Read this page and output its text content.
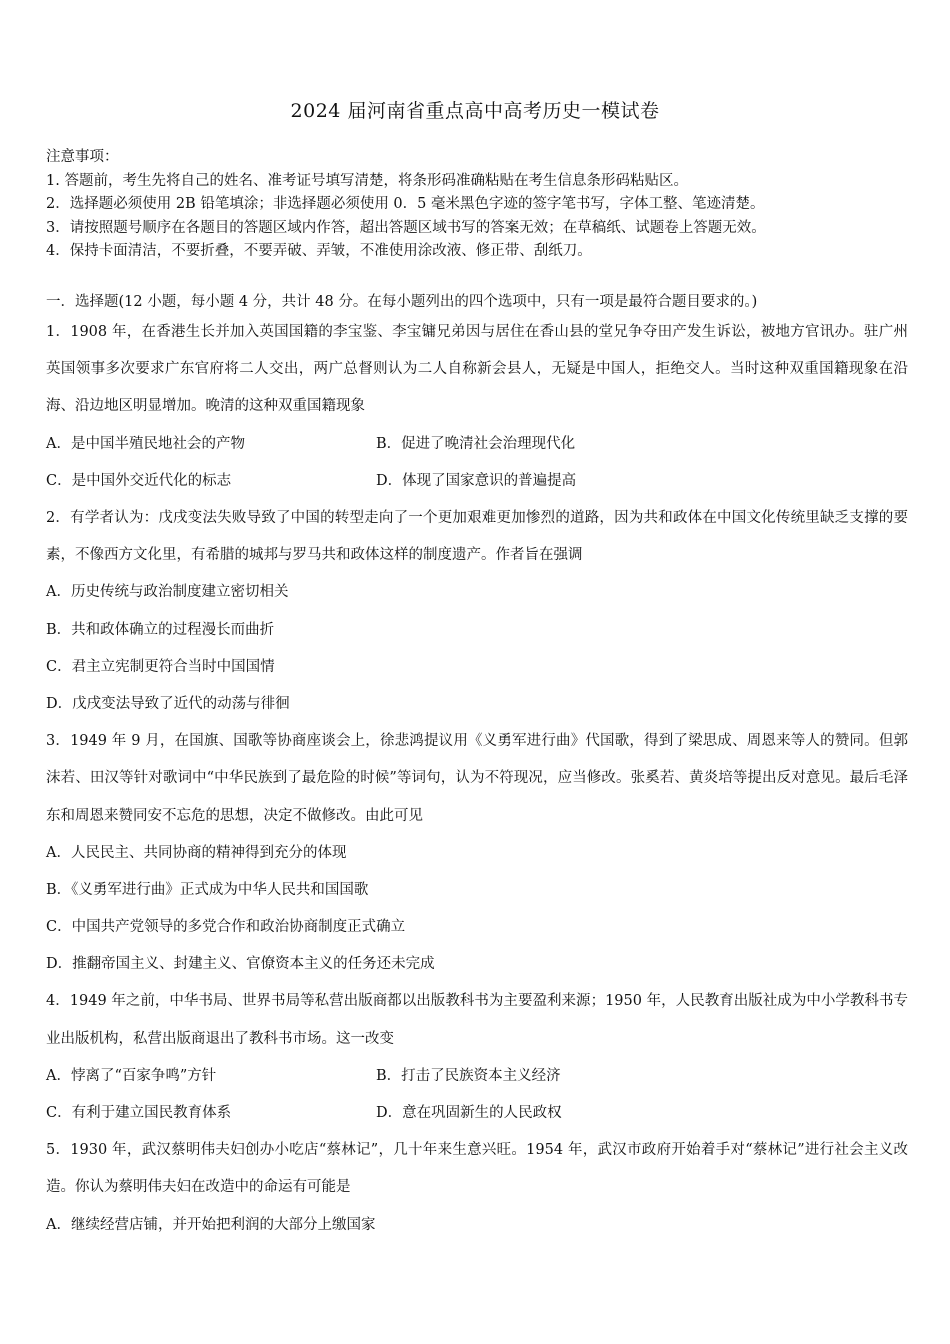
2024 届河南省重点高中高考历史一模试卷
注意事项：
1. 答题前，考生先将自己的姓名、准考证号填写清楚，将条形码准确粘贴在考生信息条形码粘贴区。
2．选择题必须使用 2B 铅笔填涂；非选择题必须使用 0．5 毫米黑色字迹的签字笔书写，字体工整、笔迹清楚。
3．请按照题号顺序在各题目的答题区域内作答，超出答题区域书写的答案无效；在草稿纸、试题卷上答题无效。
4．保持卡面清洁，不要折叠，不要弄破、弄皱，不准使用涂改液、修正带、刮纸刀。
一．选择题(12 小题，每小题 4 分，共计 48 分。在每小题列出的四个选项中，只有一项是最符合题目要求的。)
1．1908 年，在香港生长并加入英国国籍的李宝鉴、李宝镛兄弟因与居住在香山县的堂兄争夺田产发生诉讼，被地方官讯办。驻广州英国领事多次要求广东官府将二人交出，两广总督则认为二人自称新会县人，无疑是中国人，拒绝交人。当时这种双重国籍现象在沿海、沿边地区明显增加。晚清的这种双重国籍现象
A．是中国半殖民地社会的产物	B．促进了晚清社会治理现代化
C．是中国外交近代化的标志	D．体现了国家意识的普遍提高
2．有学者认为：戊戌变法失败导致了中国的转型走向了一个更加艰难更加惨烈的道路，因为共和政体在中国文化传统里缺乏支撑的要素，不像西方文化里，有希腊的城邦与罗马共和政体这样的制度遗产。作者旨在强调
A．历史传统与政治制度建立密切相关
B．共和政体确立的过程漫长而曲折
C．君主立宪制更符合当时中国国情
D．戊戌变法导致了近代的动荡与徘徊
3．1949 年 9 月，在国旗、国歌等协商座谈会上，徐悲鸿提议用《义勇军进行曲》代国歌，得到了梁思成、周恩来等人的赞同。但郭沫若、田汉等针对歌词中“中华民族到了最危险的时候”等词句，认为不符现况，应当修改。张奚若、黄炎培等提出反对意见。最后毛泽东和周恩来赞同安不忘危的思想，决定不做修改。由此可见
A．人民民主、共同协商的精神得到充分的体现
B．《义勇军进行曲》正式成为中华人民共和国国歌
C．中国共产党领导的多党合作和政治协商制度正式确立
D．推翻帝国主义、封建主义、官僚资本主义的任务还未完成
4．1949 年之前，中华书局、世界书局等私营出版商都以出版教科书为主要盈利来源；1950 年，人民教育出版社成为中小学教科书专业出版机构，私营出版商退出了教科书市场。这一改变
A．悖离了“百家争鸣”方针	B．打击了民族资本主义经济
C．有利于建立国民教育体系	D．意在巩固新生的人民政权
5．1930 年，武汉蔡明伟夫妇创办小吃店“蔡林记”，几十年来生意兴旺。1954 年，武汉市政府开始着手对“蔡林记”进行社会主义改造。你认为蔡明伟夫妇在改造中的命运有可能是
A．继续经营店铺，并开始把利润的大部分上缴国家
